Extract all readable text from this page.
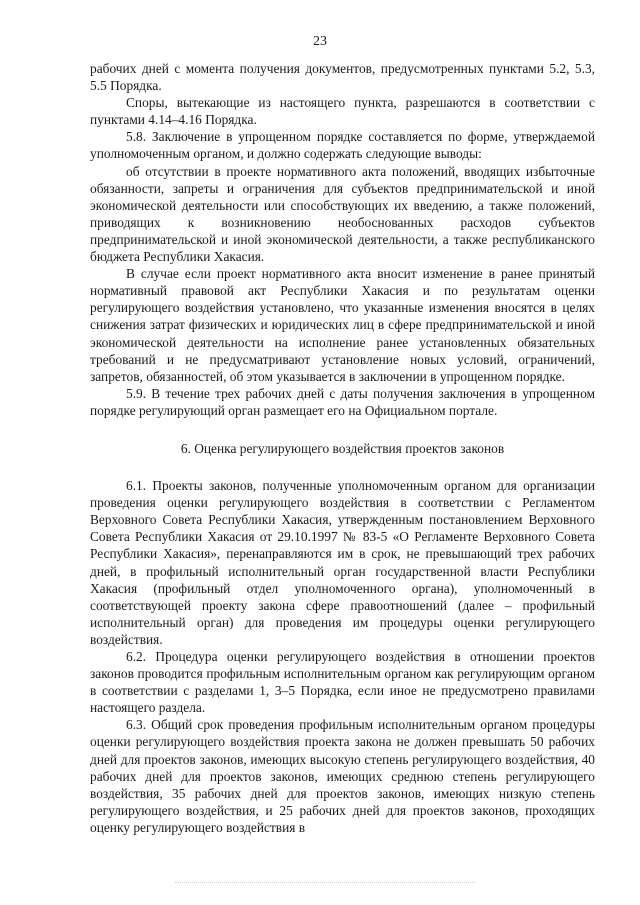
23

рабочих дней с момента получения документов, предусмотренных пунктами 5.2, 5.3, 5.5 Порядка.

Споры, вытекающие из настоящего пункта, разрешаются в соответствии с пунктами 4.14–4.16 Порядка.

5.8. Заключение в упрощенном порядке составляется по форме, утверждаемой уполномоченным органом, и должно содержать следующие выводы:

об отсутствии в проекте нормативного акта положений, вводящих избыточные обязанности, запреты и ограничения для субъектов предпринимательской и иной экономической деятельности или способствующих их введению, а также положений, приводящих к возникновению необоснованных расходов субъектов предпринимательской и иной экономической деятельности, а также республиканского бюджета Республики Хакасия.

В случае если проект нормативного акта вносит изменение в ранее принятый нормативный правовой акт Республики Хакасия и по результатам оценки регулирующего воздействия установлено, что указанные изменения вносятся в целях снижения затрат физических и юридических лиц в сфере предпринимательской и иной экономической деятельности на исполнение ранее установленных обязательных требований и не предусматривают установление новых условий, ограничений, запретов, обязанностей, об этом указывается в заключении в упрощенном порядке.

5.9. В течение трех рабочих дней с даты получения заключения в упрощенном порядке регулирующий орган размещает его на Официальном портале.

6. Оценка регулирующего воздействия проектов законов

6.1. Проекты законов, полученные уполномоченным органом для организации проведения оценки регулирующего воздействия в соответствии с Регламентом Верховного Совета Республики Хакасия, утвержденным постановлением Верховного Совета Республики Хакасия от 29.10.1997 № 83-5 «О Регламенте Верховного Совета Республики Хакасия», перенаправляются им в срок, не превышающий трех рабочих дней, в профильный исполнительный орган государственной власти Республики Хакасия (профильный отдел уполномоченного органа), уполномоченный в соответствующей проекту закона сфере правоотношений (далее – профильный исполнительный орган) для проведения им процедуры оценки регулирующего воздействия.

6.2. Процедура оценки регулирующего воздействия в отношении проектов законов проводится профильным исполнительным органом как регулирующим органом в соответствии с разделами 1, 3–5 Порядка, если иное не предусмотрено правилами настоящего раздела.

6.3. Общий срок проведения профильным исполнительным органом процедуры оценки регулирующего воздействия проекта закона не должен превышать 50 рабочих дней для проектов законов, имеющих высокую степень регулирующего воздействия, 40 рабочих дней для проектов законов, имеющих среднюю степень регулирующего воздействия, 35 рабочих дней для проектов законов, имеющих низкую степень регулирующего воздействия, и 25 рабочих дней для проектов законов, проходящих оценку регулирующего воздействия в
